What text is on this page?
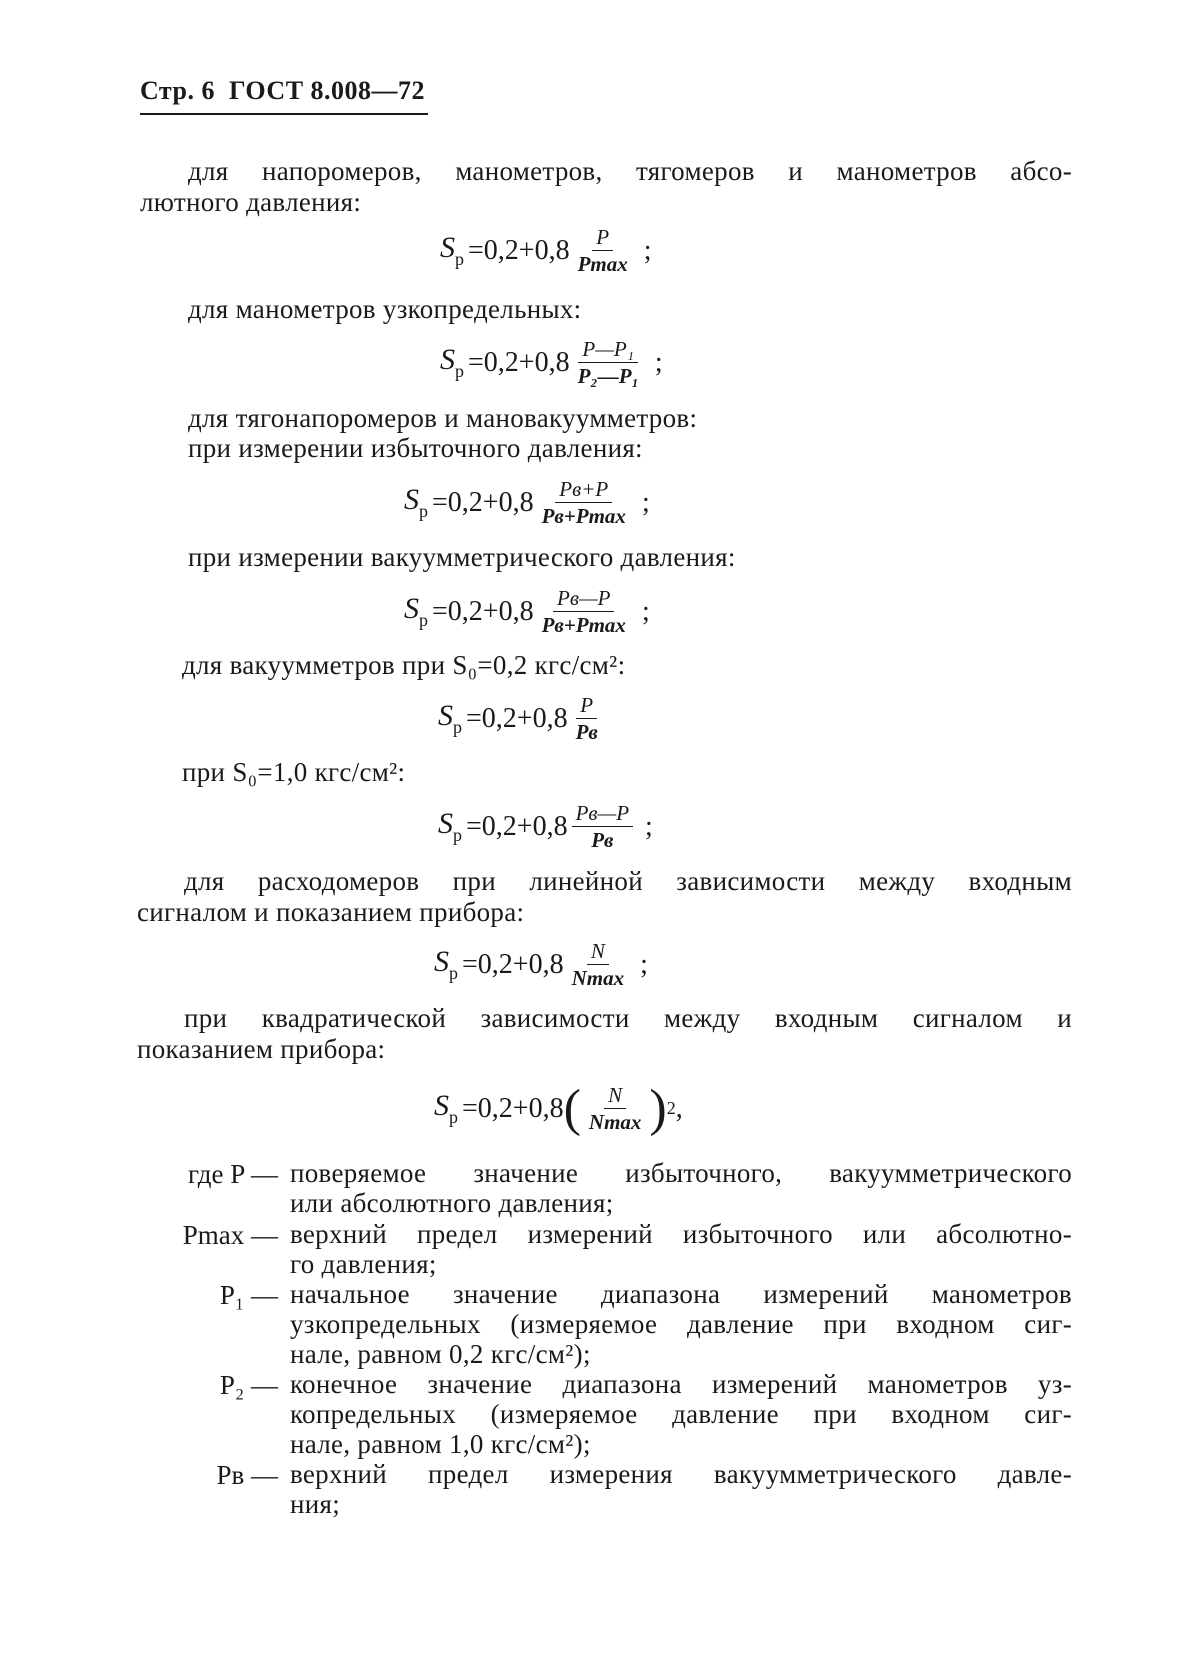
Стр. 6 ГОСТ 8.008—72
для напоромеров, манометров, тягомеров и манометров абсо-
лютного давления:
$S_р =0,2+0,8 \frac{P}{Pmax}$ ;
для манометров узкопредельных:
$S_р =0,2+0,8 \frac{\text{P—P₁}}{\text{P₂—P₁}}$ ;
для тягонапоромеров и мановакуумметров:
при измерении избыточного давления:
$S_р =0,2+0,8 \frac{Pв+P}{Pв+Pmax}$ ;
при измерении вакуумметрического давления:
$S_р =0,2+0,8 \frac{Pв—P}{Pв+Pmax}$ ;
для вакуумметров при S₀=0,2 кгс/см²:
$S_р =0,2+0,8 \frac{P}{Pв}$
при S₀=1,0 кгс/см²:
$S_р =0,2+0,8 \frac{Pв—P}{Pв}$ ;
для расходомеров при линейной зависимости между входным
сигналом и показанием прибора:
$S_р =0,2+0,8 \frac{N}{Nmax}$ ;
при квадратической зависимости между входным сигналом и
показанием прибора:
$S_р =0,2+0,8$ ( $\frac{N}{Nmax}$ ) 2 ,
где P — поверяемое значение избыточного, вакуумметрического
или абсолютного давления;
Pmax — верхний предел измерений избыточного или абсолютно-
го давления;
P₁ — начальное значение диапазона измерений манометров
узкопредельных (измеряемое давление при входном сиг-
нале, равном 0,2 кгс/см²);
P₂ — конечное значение диапазона измерений манометров уз-
копредельных (измеряемое давление при входном сиг-
нале, равном 1,0 кгс/см²);
Pв — верхний предел измерения вакуумметрического давле-
ния;
